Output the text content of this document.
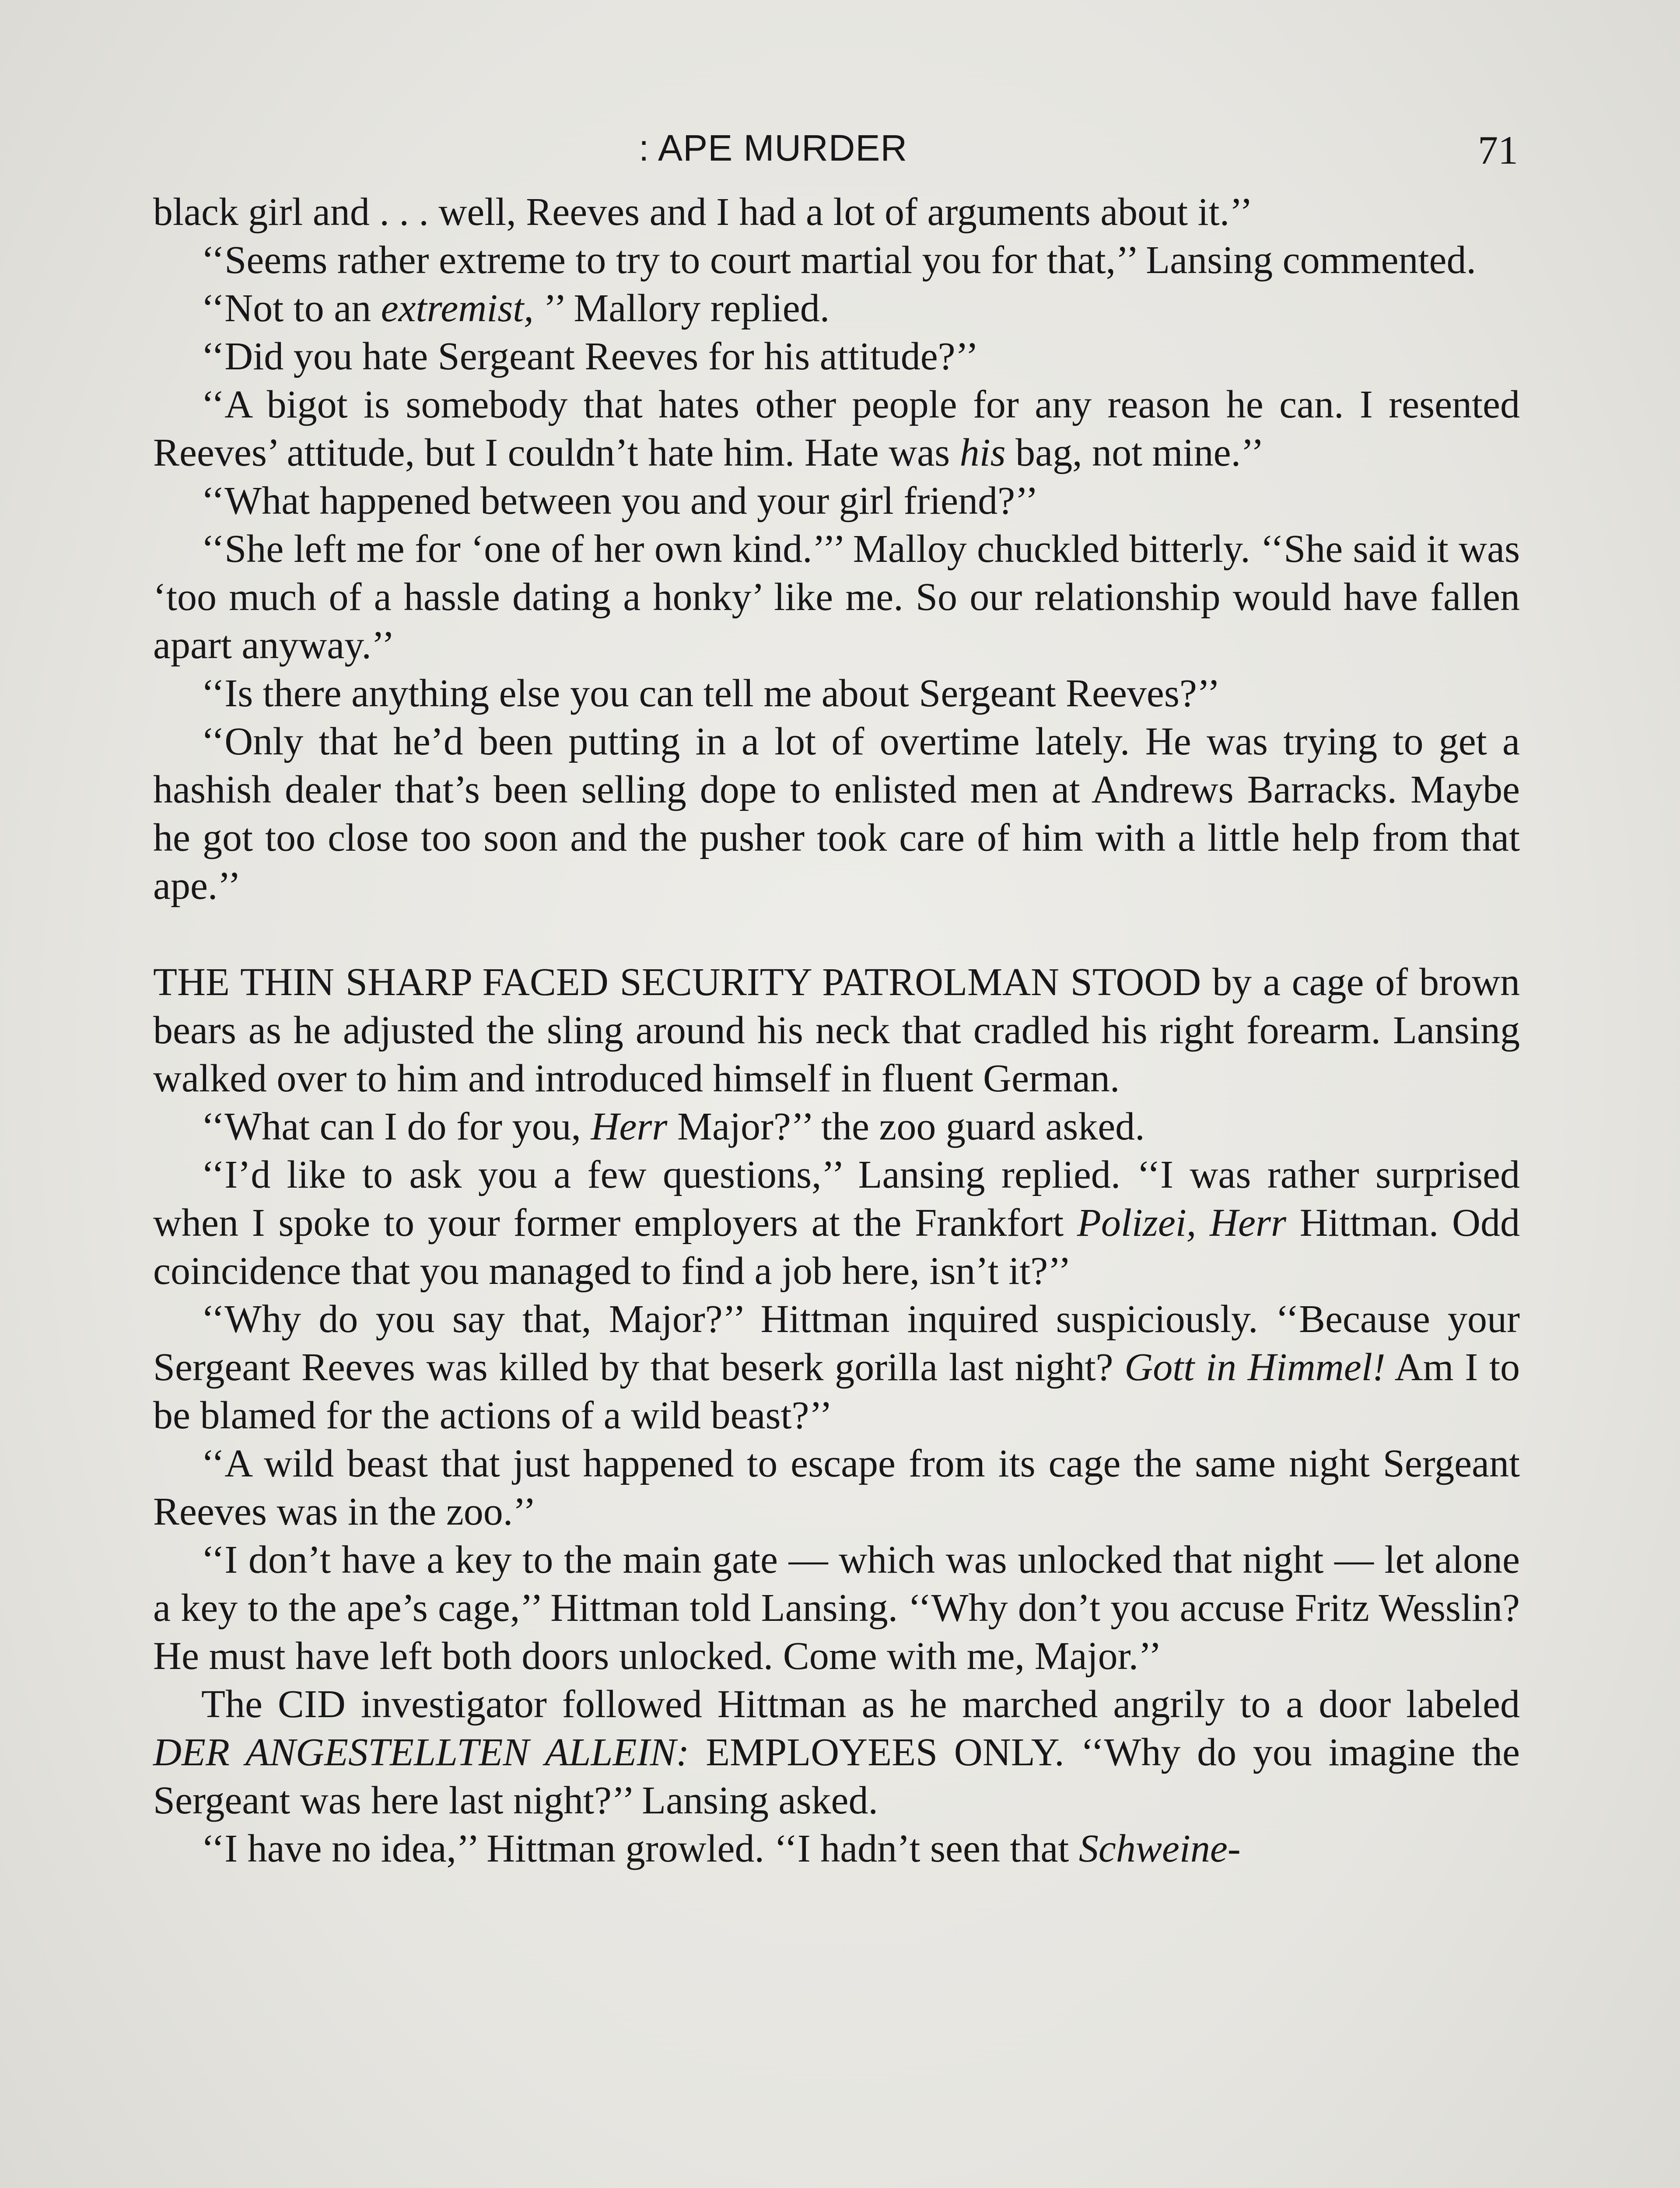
: APE MURDER	71

black girl and . . . well, Reeves and I had a lot of arguments about it.’’

‘‘Seems rather extreme to try to court martial you for that,’’ Lansing commented.

‘‘Not to an extremist, ’’ Mallory replied.

‘‘Did you hate Sergeant Reeves for his attitude?’’

‘‘A bigot is somebody that hates other people for any reason he can. I resented Reeves’ attitude, but I couldn’t hate him. Hate was his bag, not mine.’’

‘‘What happened between you and your girl friend?’’

‘‘She left me for ‘one of her own kind.’’’ Malloy chuckled bitterly. ‘‘She said it was ‘too much of a hassle dating a honky’ like me. So our relationship would have fallen apart anyway.’’

‘‘Is there anything else you can tell me about Sergeant Reeves?’’

‘‘Only that he’d been putting in a lot of overtime lately. He was trying to get a hashish dealer that’s been selling dope to enlisted men at Andrews Barracks. Maybe he got too close too soon and the pusher took care of him with a little help from that ape.’’

THE THIN SHARP FACED SECURITY PATROLMAN STOOD by a cage of brown bears as he adjusted the sling around his neck that cradled his right forearm. Lansing walked over to him and introduced himself in fluent German.

‘‘What can I do for you, Herr Major?’’ the zoo guard asked.

‘‘I’d like to ask you a few questions,’’ Lansing replied. ‘‘I was rather surprised when I spoke to your former employers at the Frankfort Polizei, Herr Hittman. Odd coincidence that you managed to find a job here, isn’t it?’’

‘‘Why do you say that, Major?’’ Hittman inquired suspiciously. ‘‘Because your Sergeant Reeves was killed by that beserk gorilla last night? Gott in Himmel! Am I to be blamed for the actions of a wild beast?’’

‘‘A wild beast that just happened to escape from its cage the same night Sergeant Reeves was in the zoo.’’

‘‘I don’t have a key to the main gate — which was unlocked that night — let alone a key to the ape’s cage,’’ Hittman told Lansing. ‘‘Why don’t you accuse Fritz Wesslin? He must have left both doors unlocked. Come with me, Major.’’

The CID investigator followed Hittman as he marched angrily to a door labeled DER ANGESTELLTEN ALLEIN: EMPLOYEES ONLY. ‘‘Why do you imagine the Sergeant was here last night?’’ Lansing asked.

‘‘I have no idea,’’ Hittman growled. ‘‘I hadn’t seen that Schweine-
